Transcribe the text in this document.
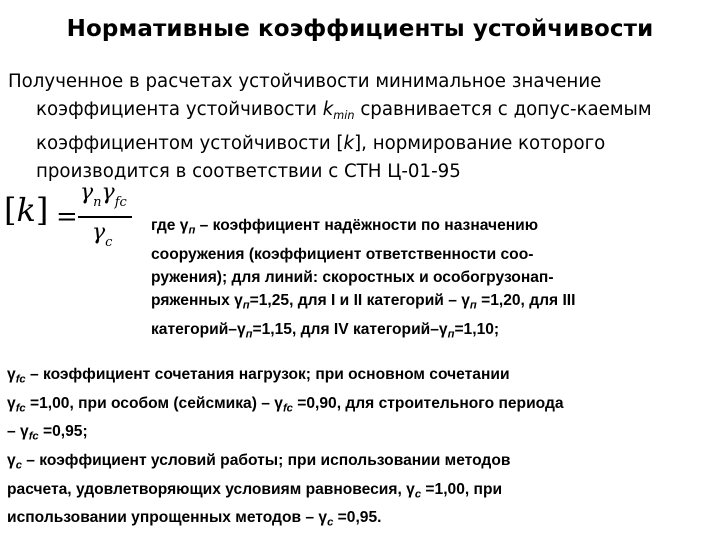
Нормативные коэффициенты устойчивости
Полученное в расчетах устойчивости минимальное значение
коэффициента устойчивости $k_{min}$ сравнивается с допус-каемым
коэффициентом устойчивости [k], нормирование которого
производится в соответствии с СТН Ц-01-95
[k] =
$\gamma_n\gamma_{fc}$
$\gamma_c$
где $\gamma_п$ – коэффициент надёжности по назначению
сооружения (коэффициент ответственности соо-
ружения); для линий: скоростных и особогрузонап-
ряженных $\gamma_п=1,25$, для I и II категорий – $\gamma_п =1,20$, для III
категорий–$\gamma_п=1,15$, для IV категорий–$\gamma_п=1,10$;
$\gamma_{fc}$ – коэффициент сочетания нагрузок; при основном сочетании
$\gamma_{fc} =1,00$, при особом (сейсмика) – $\gamma_{fc} =0,90$, для строительного периода
– $\gamma_{fc} =0,95$;
$\gamma_c$ – коэффициент условий работы; при использовании методов
расчета, удовлетворяющих условиям равновесия, $\gamma_c =1,00$, при
использовании упрощенных методов – $\gamma_c =0,95$.
